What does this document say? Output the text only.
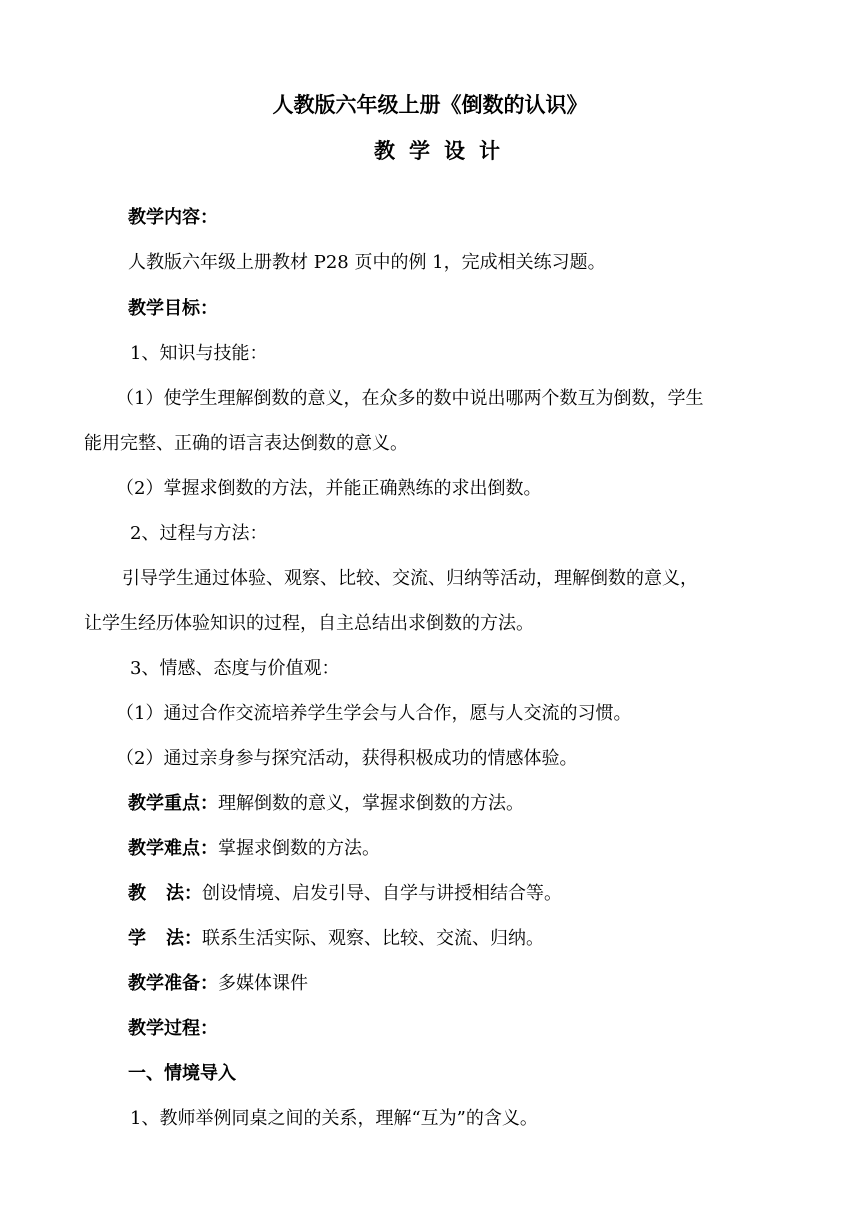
人教版六年级上册《倒数的认识》
教学设计
教学内容：
人教版六年级上册教材 P28 页中的例 1，完成相关练习题。
教学目标：
1、知识与技能：
（1）使学生理解倒数的意义，在众多的数中说出哪两个数互为倒数，学生
能用完整、正确的语言表达倒数的意义。
（2）掌握求倒数的方法，并能正确熟练的求出倒数。
2、过程与方法：
引导学生通过体验、观察、比较、交流、归纳等活动，理解倒数的意义，
让学生经历体验知识的过程，自主总结出求倒数的方法。
3、情感、态度与价值观：
（1）通过合作交流培养学生学会与人合作，愿与人交流的习惯。
（2）通过亲身参与探究活动，获得积极成功的情感体验。
教学重点：理解倒数的意义，掌握求倒数的方法。
教学难点：掌握求倒数的方法。
教 法：创设情境、启发引导、自学与讲授相结合等。
学 法：联系生活实际、观察、比较、交流、归纳。
教学准备：多媒体课件
教学过程：
一、情境导入
1、教师举例同桌之间的关系，理解“互为”的含义。
